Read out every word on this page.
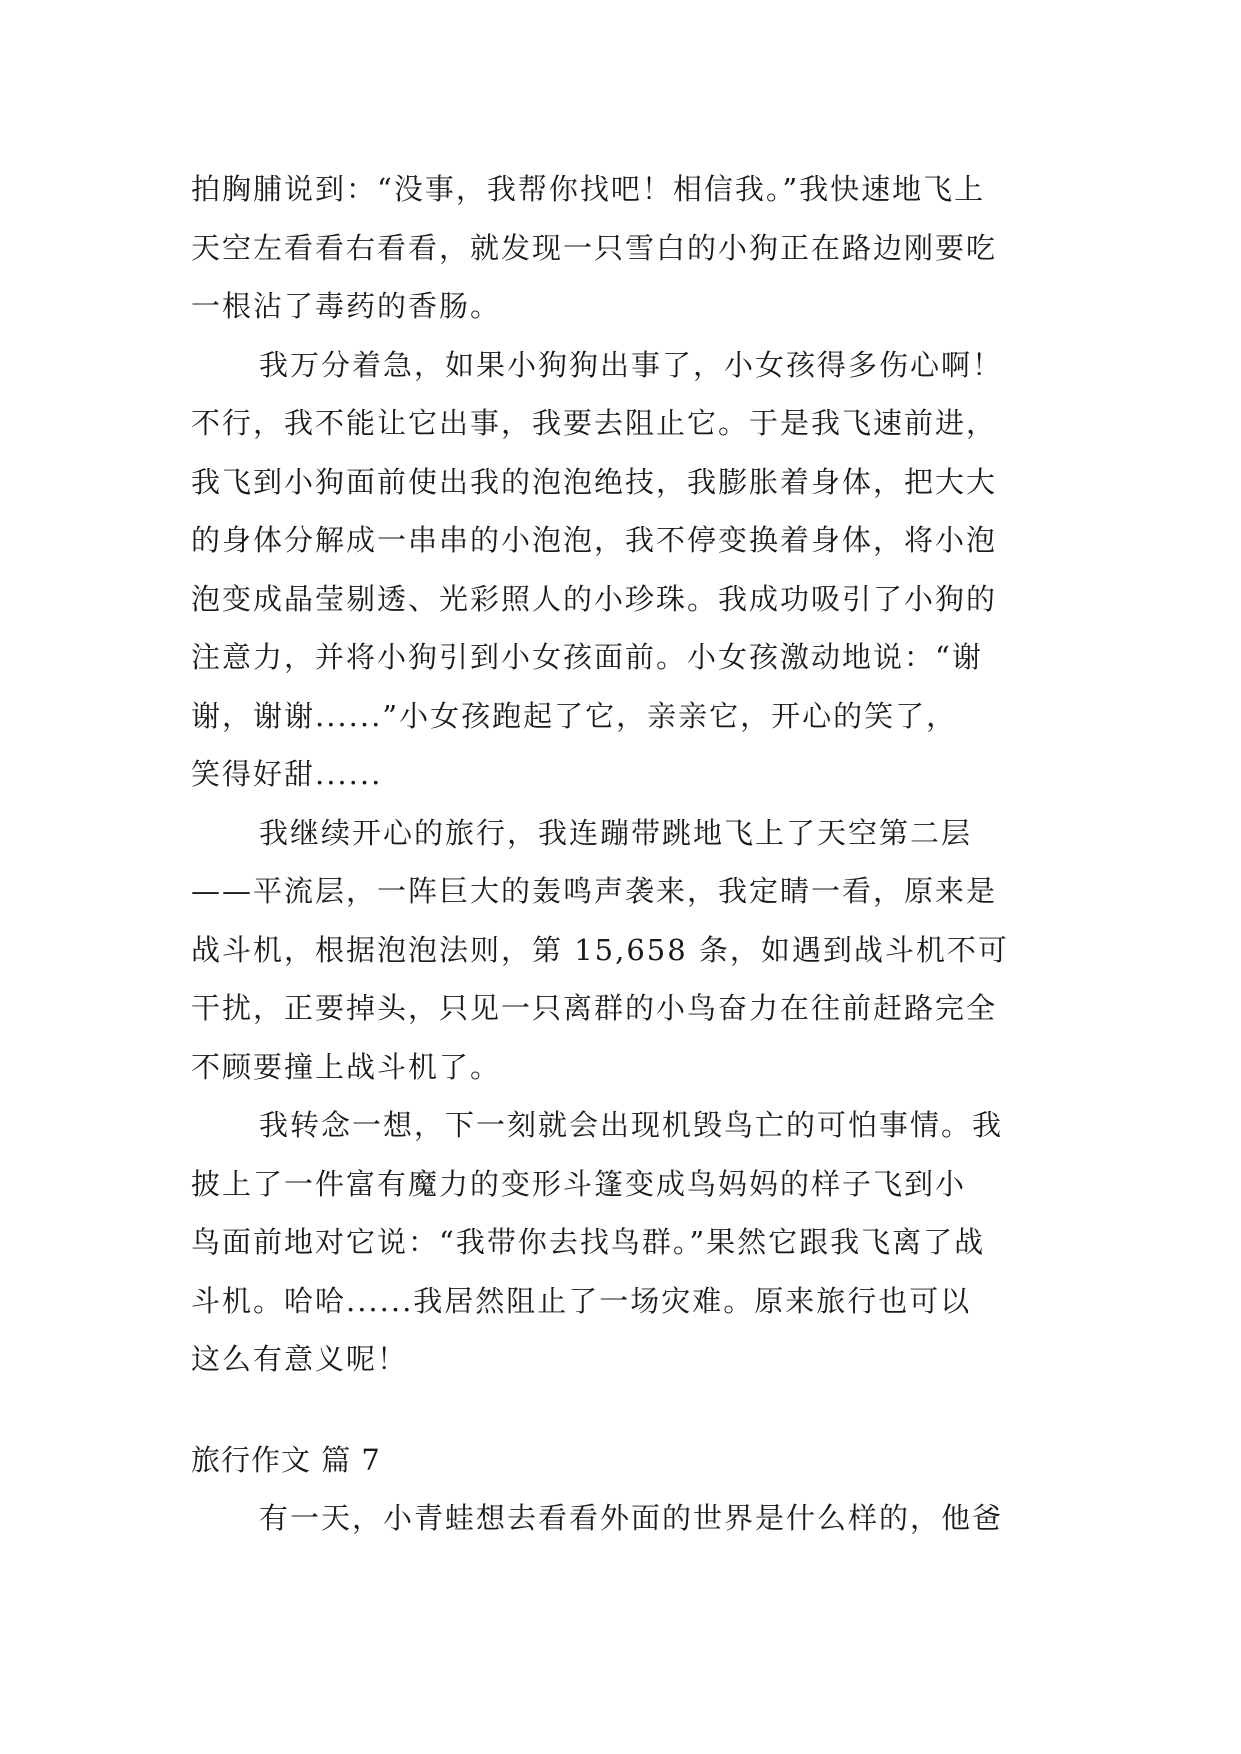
拍胸脯说到：“没事，我帮你找吧！相信我。”我快速地飞上
天空左看看右看看，就发现一只雪白的小狗正在路边刚要吃
一根沾了毒药的香肠。
我万分着急，如果小狗狗出事了，小女孩得多伤心啊！
不行，我不能让它出事，我要去阻止它。于是我飞速前进，
我飞到小狗面前使出我的泡泡绝技，我膨胀着身体，把大大
的身体分解成一串串的小泡泡，我不停变换着身体，将小泡
泡变成晶莹剔透、光彩照人的小珍珠。我成功吸引了小狗的
注意力，并将小狗引到小女孩面前。小女孩激动地说：“谢
谢，谢谢......”小女孩跑起了它，亲亲它，开心的笑了，
笑得好甜......
我继续开心的旅行，我连蹦带跳地飞上了天空第二层
——平流层，一阵巨大的轰鸣声袭来，我定睛一看，原来是
战斗机，根据泡泡法则，第 15,658 条，如遇到战斗机不可
干扰，正要掉头，只见一只离群的小鸟奋力在往前赶路完全
不顾要撞上战斗机了。
我转念一想，下一刻就会出现机毁鸟亡的可怕事情。我
披上了一件富有魔力的变形斗篷变成鸟妈妈的样子飞到小
鸟面前地对它说：“我带你去找鸟群。”果然它跟我飞离了战
斗机。哈哈......我居然阻止了一场灾难。原来旅行也可以
这么有意义呢！
旅行作文 篇 7
有一天，小青蛙想去看看外面的世界是什么样的，他爸
